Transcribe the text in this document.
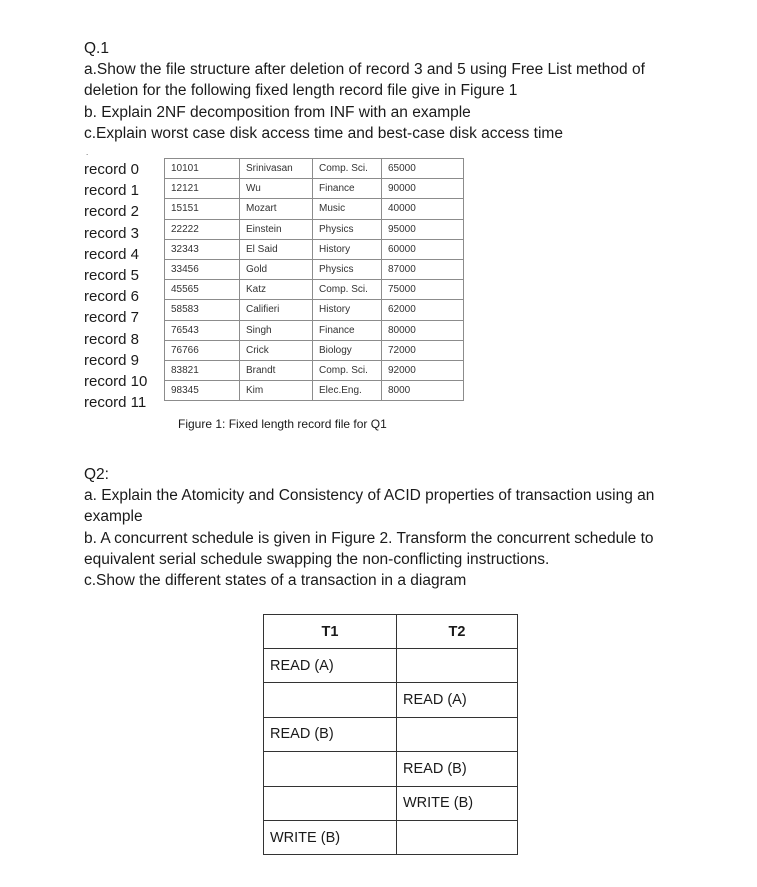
Q.1
a.Show the file structure after deletion of record 3 and 5 using Free List method of
deletion for the following fixed length record file give in Figure 1
b. Explain 2NF decomposition from INF with an example
c.Explain worst case disk access time and best-case disk access time
.
record 0
record 1
record 2
record 3
record 4
record 5
record 6
record 7
record 8
record 9
record 10
record 11
10101	Srinivasan	Comp. Sci.	65000
12121	Wu	Finance	90000
15151	Mozart	Music	40000
22222	Einstein	Physics	95000
32343	El Said	History	60000
33456	Gold	Physics	87000
45565	Katz	Comp. Sci.	75000
58583	Califieri	History	62000
76543	Singh	Finance	80000
76766	Crick	Biology	72000
83821	Brandt	Comp. Sci.	92000
98345	Kim	Elec.Eng.	8000
Figure 1: Fixed length record file for Q1
Q2:
a. Explain the Atomicity and Consistency of ACID properties of transaction using an
example
b. A concurrent schedule is given in Figure 2. Transform the concurrent schedule to
equivalent serial schedule swapping the non-conflicting instructions.
c.Show the different states of a transaction in a diagram
T1	T2
READ (A)	
	READ (A)
READ (B)	
	READ (B)
	WRITE (B)
WRITE (B)	
